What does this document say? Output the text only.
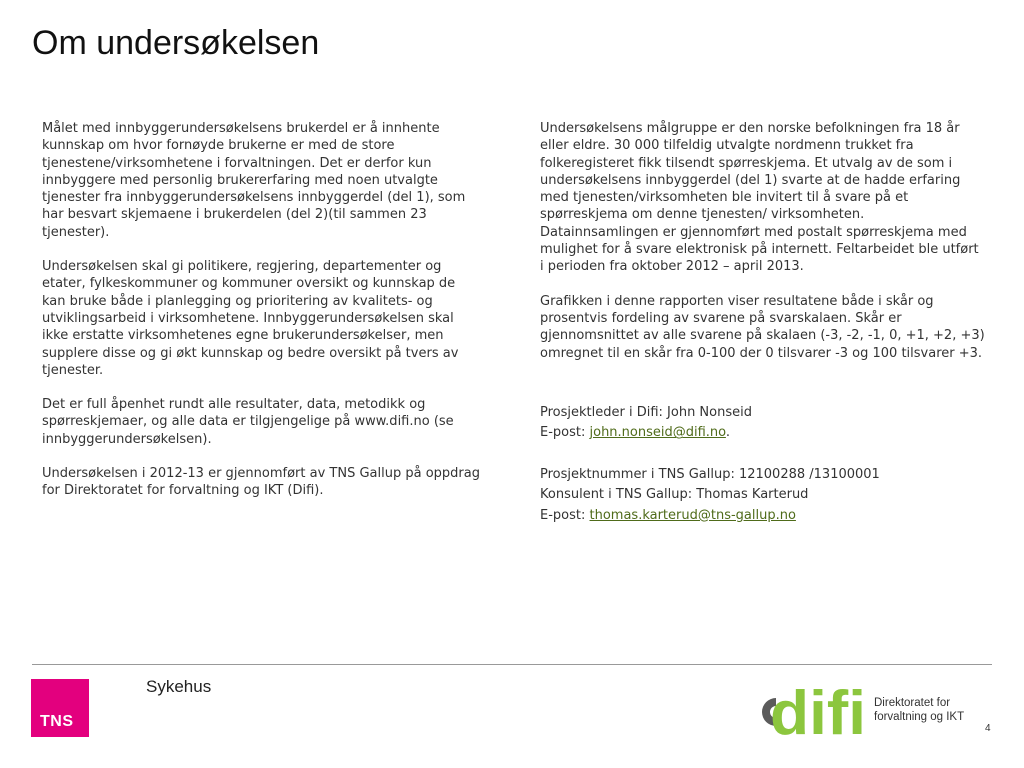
Om undersøkelsen

Målet med innbyggerundersøkelsens brukerdel er å innhente kunnskap om hvor fornøyde brukerne er med de store tjenestene/virksomhetene i forvaltningen. Det er derfor kun innbyggere med personlig brukererfaring med noen utvalgte tjenester fra innbyggerundersøkelsens innbyggerdel (del 1), som har besvart skjemaene i brukerdelen (del 2)(til sammen 23 tjenester).

Undersøkelsen skal gi politikere, regjering, departementer og etater, fylkeskommuner og kommuner oversikt og kunnskap de kan bruke både i planlegging og prioritering av kvalitets- og utviklingsarbeid i virksomhetene. Innbyggerundersøkelsen skal ikke erstatte virksomhetenes egne brukerundersøkelser, men supplere disse og gi økt kunnskap og bedre oversikt på tvers av tjenester.

Det er full åpenhet rundt alle resultater, data, metodikk og spørreskjemaer, og alle data er tilgjengelige på www.difi.no (se innbyggerundersøkelsen).

Undersøkelsen i 2012-13 er gjennomført av TNS Gallup på oppdrag for Direktoratet for forvaltning og IKT (Difi).

Undersøkelsens målgruppe er den norske befolkningen fra 18 år eller eldre. 30 000 tilfeldig utvalgte nordmenn trukket fra folkeregisteret fikk tilsendt spørreskjema. Et utvalg av de som i undersøkelsens innbyggerdel (del 1) svarte at de hadde erfaring med tjenesten/virksomheten ble invitert til å svare på et spørreskjema om denne tjenesten/ virksomheten. Datainnsamlingen er gjennomført med postalt spørreskjema med mulighet for å svare elektronisk på internett. Feltarbeidet ble utført i perioden fra oktober 2012 – april 2013.

Grafikken i denne rapporten viser resultatene både i skår og prosentvis fordeling av svarene på svarskalaen. Skår er gjennomsnittet av alle svarene på skalaen (-3, -2, -1, 0, +1, +2, +3) omregnet til en skår fra 0-100 der 0 tilsvarer -3 og 100 tilsvarer +3.

Prosjektleder i Difi: John Nonseid

E-post: john.nonseid@difi.no.

Prosjektnummer i TNS Gallup: 12100288 /13100001

Konsulent i TNS Gallup: Thomas Karterud

E-post: thomas.karterud@tns-gallup.no

TNS
Sykehus	difi Direktoratet for
forvaltning og IKT
4
